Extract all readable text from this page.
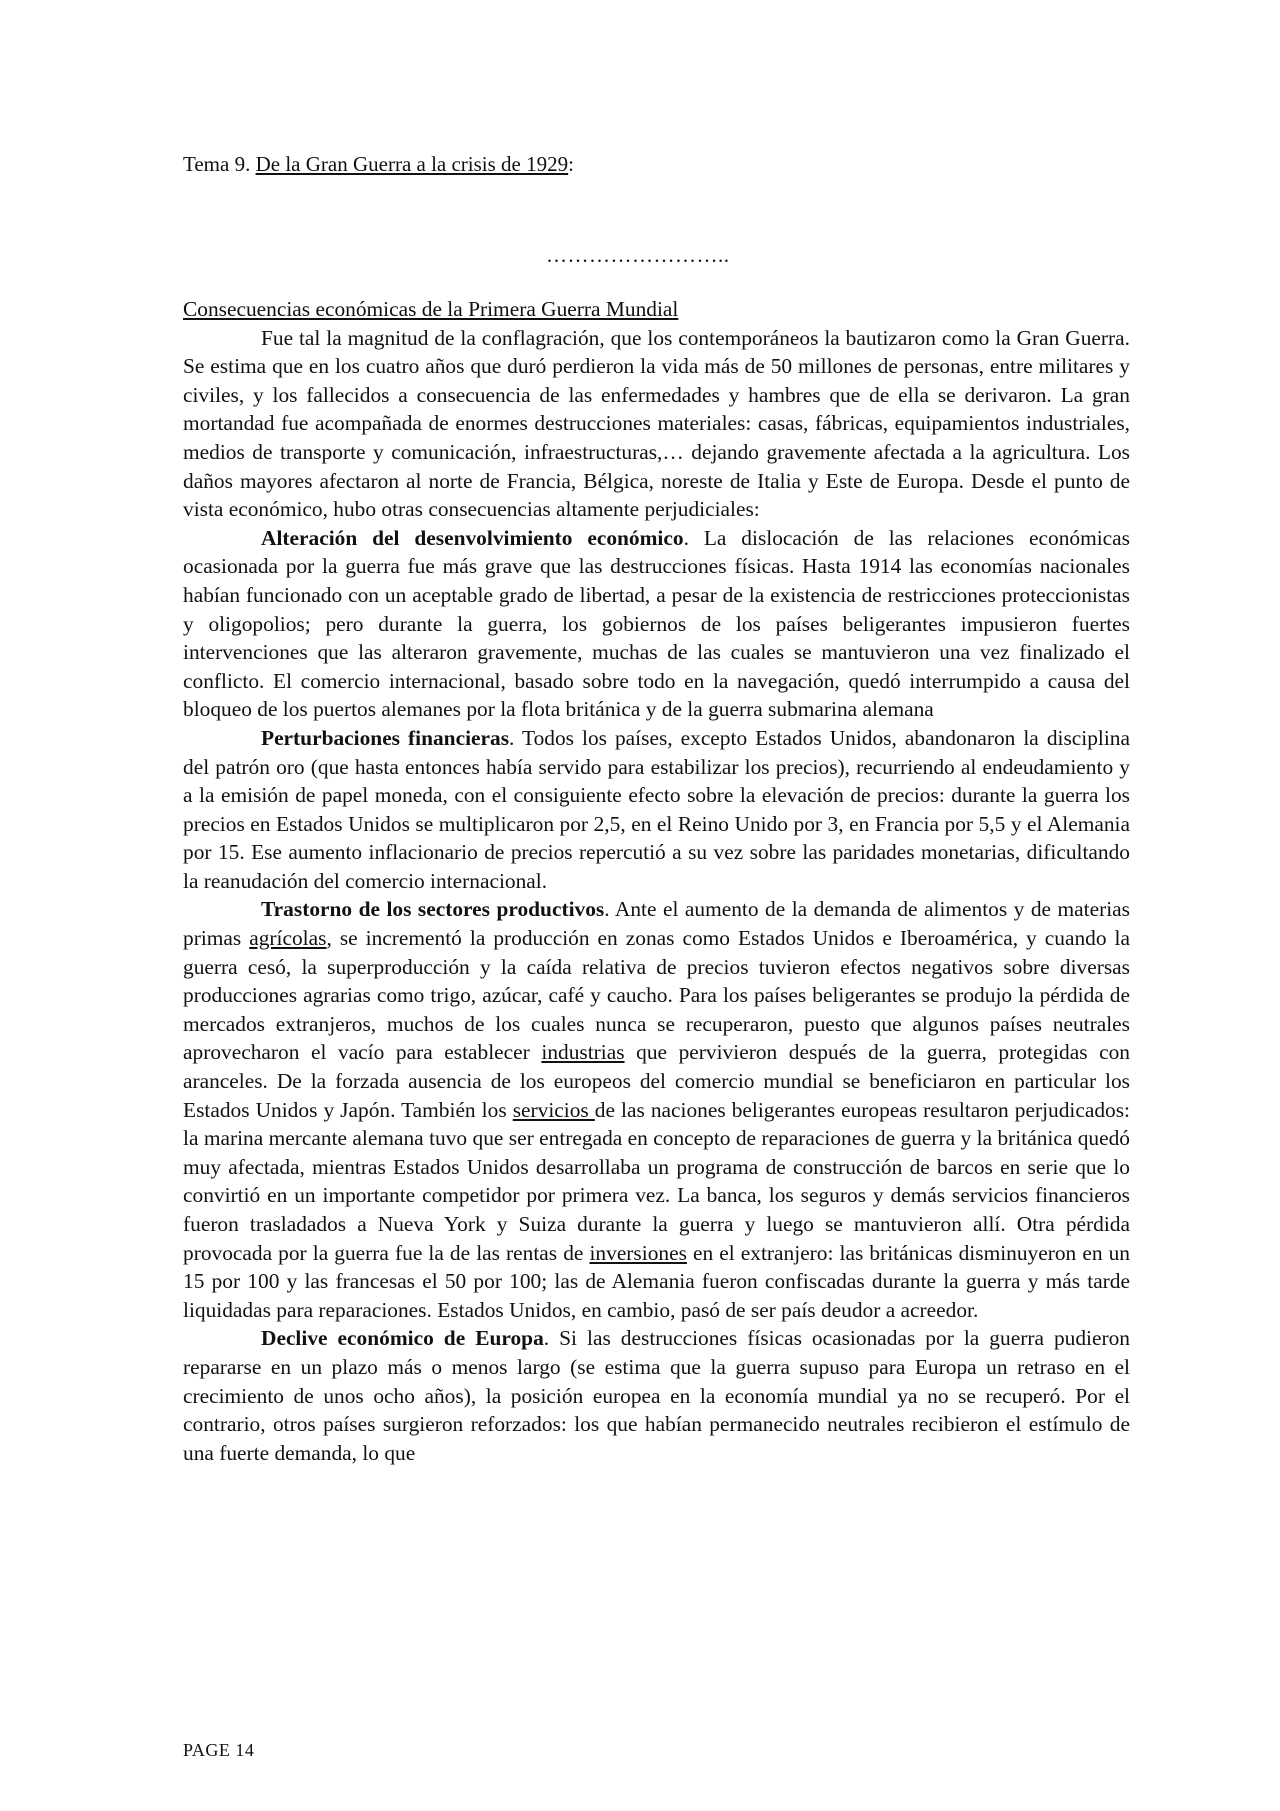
Tema 9. De la Gran Guerra a la crisis de 1929:
……………………..

Consecuencias económicas de la Primera Guerra Mundial

Fue tal la magnitud de la conflagración, que los contemporáneos la bautizaron como la Gran Guerra. Se estima que en los cuatro años que duró perdieron la vida más de 50 millones de personas, entre militares y civiles, y los fallecidos a consecuencia de las enfermedades y hambres que de ella se derivaron. La gran mortandad fue acompañada de enormes destrucciones materiales: casas, fábricas, equipamientos industriales, medios de transporte y comunicación, infraestructuras,… dejando gravemente afectada a la agricultura. Los daños mayores afectaron al norte de Francia, Bélgica, noreste de Italia y Este de Europa. Desde el punto de vista económico, hubo otras consecuencias altamente perjudiciales:

Alteración del desenvolvimiento económico. La dislocación de las relaciones económicas ocasionada por la guerra fue más grave que las destrucciones físicas. Hasta 1914 las economías nacionales habían funcionado con un aceptable grado de libertad, a pesar de la existencia de restricciones proteccionistas y oligopolios; pero durante la guerra, los gobiernos de los países beligerantes impusieron fuertes intervenciones que las alteraron gravemente, muchas de las cuales se mantuvieron una vez finalizado el conflicto. El comercio internacional, basado sobre todo en la navegación, quedó interrumpido a causa del bloqueo de los puertos alemanes por la flota británica y de la guerra submarina alemana

Perturbaciones financieras. Todos los países, excepto Estados Unidos, abandonaron la disciplina del patrón oro (que hasta entonces había servido para estabilizar los precios), recurriendo al endeudamiento y a la emisión de papel moneda, con el consiguiente efecto sobre la elevación de precios: durante la guerra los precios en Estados Unidos se multiplicaron por 2,5, en el Reino Unido por 3, en Francia por 5,5 y el Alemania por 15. Ese aumento inflacionario de precios repercutió a su vez sobre las paridades monetarias, dificultando la reanudación del comercio internacional.

Trastorno de los sectores productivos. Ante el aumento de la demanda de alimentos y de materias primas agrícolas, se incrementó la producción en zonas como Estados Unidos e Iberoamérica, y cuando la guerra cesó, la superproducción y la caída relativa de precios tuvieron efectos negativos sobre diversas producciones agrarias como trigo, azúcar, café y caucho. Para los países beligerantes se produjo la pérdida de mercados extranjeros, muchos de los cuales nunca se recuperaron, puesto que algunos países neutrales aprovecharon el vacío para establecer industrias que pervivieron después de la guerra, protegidas con aranceles. De la forzada ausencia de los europeos del comercio mundial se beneficiaron en particular los Estados Unidos y Japón. También los servicios de las naciones beligerantes europeas resultaron perjudicados: la marina mercante alemana tuvo que ser entregada en concepto de reparaciones de guerra y la británica quedó muy afectada, mientras Estados Unidos desarrollaba un programa de construcción de barcos en serie que lo convirtió en un importante competidor por primera vez. La banca, los seguros y demás servicios financieros fueron trasladados a Nueva York y Suiza durante la guerra y luego se mantuvieron allí. Otra pérdida provocada por la guerra fue la de las rentas de inversiones en el extranjero: las británicas disminuyeron en un 15 por 100 y las francesas el 50 por 100; las de Alemania fueron confiscadas durante la guerra y más tarde liquidadas para reparaciones. Estados Unidos, en cambio, pasó de ser país deudor a acreedor.

Declive económico de Europa. Si las destrucciones físicas ocasionadas por la guerra pudieron repararse en un plazo más o menos largo (se estima que la guerra supuso para Europa un retraso en el crecimiento de unos ocho años), la posición europea en la economía mundial ya no se recuperó. Por el contrario, otros países surgieron reforzados: los que habían permanecido neutrales recibieron el estímulo de una fuerte demanda, lo que

PAGE 14
